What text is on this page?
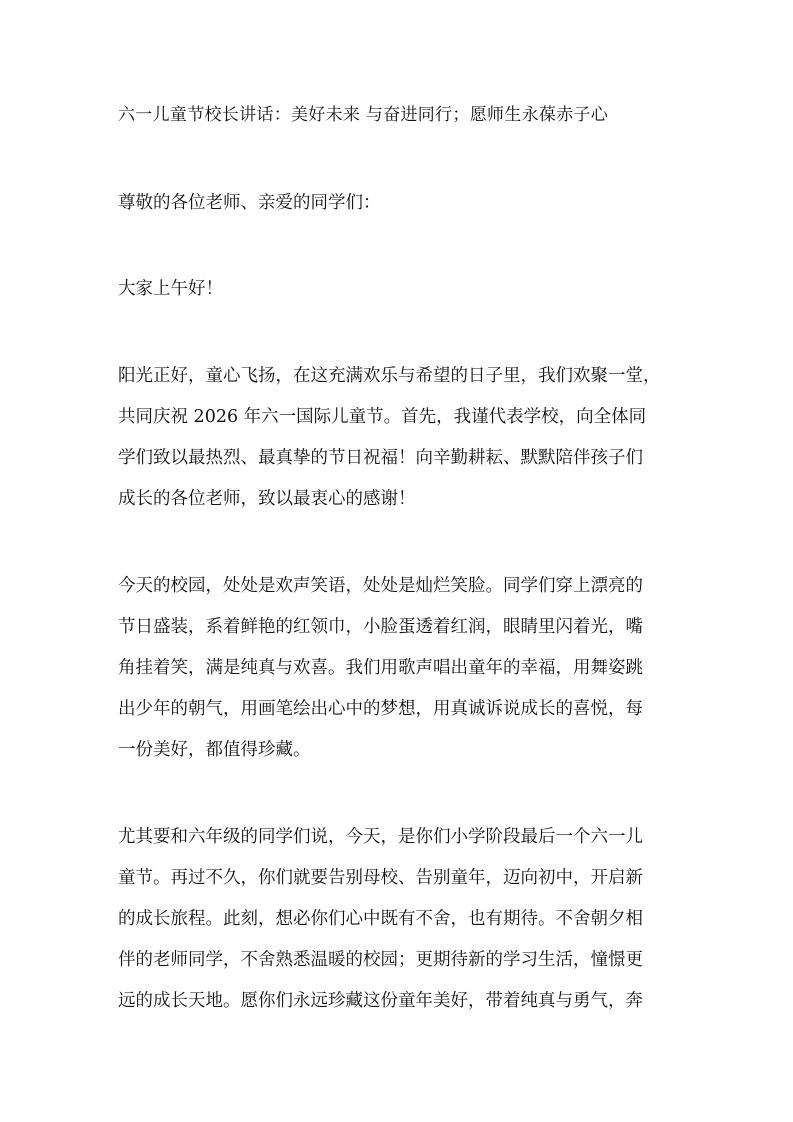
六一儿童节校长讲话：美好未来 与奋进同行；愿师生永葆赤子心

尊敬的各位老师、亲爱的同学们：

大家上午好！

阳光正好，童心飞扬，在这充满欢乐与希望的日子里，我们欢聚一堂，
共同庆祝 2026 年六一国际儿童节。首先，我谨代表学校，向全体同
学们致以最热烈、最真挚的节日祝福！向辛勤耕耘、默默陪伴孩子们
成长的各位老师，致以最衷心的感谢！
今天的校园，处处是欢声笑语，处处是灿烂笑脸。同学们穿上漂亮的
节日盛装，系着鲜艳的红领巾，小脸蛋透着红润，眼睛里闪着光，嘴
角挂着笑，满是纯真与欢喜。我们用歌声唱出童年的幸福，用舞姿跳
出少年的朝气，用画笔绘出心中的梦想，用真诚诉说成长的喜悦，每
一份美好，都值得珍藏。
尤其要和六年级的同学们说，今天，是你们小学阶段最后一个六一儿
童节。再过不久，你们就要告别母校、告别童年，迈向初中，开启新
的成长旅程。此刻，想必你们心中既有不舍，也有期待。不舍朝夕相
伴的老师同学，不舍熟悉温暖的校园；更期待新的学习生活，憧憬更
远的成长天地。愿你们永远珍藏这份童年美好，带着纯真与勇气，奔
